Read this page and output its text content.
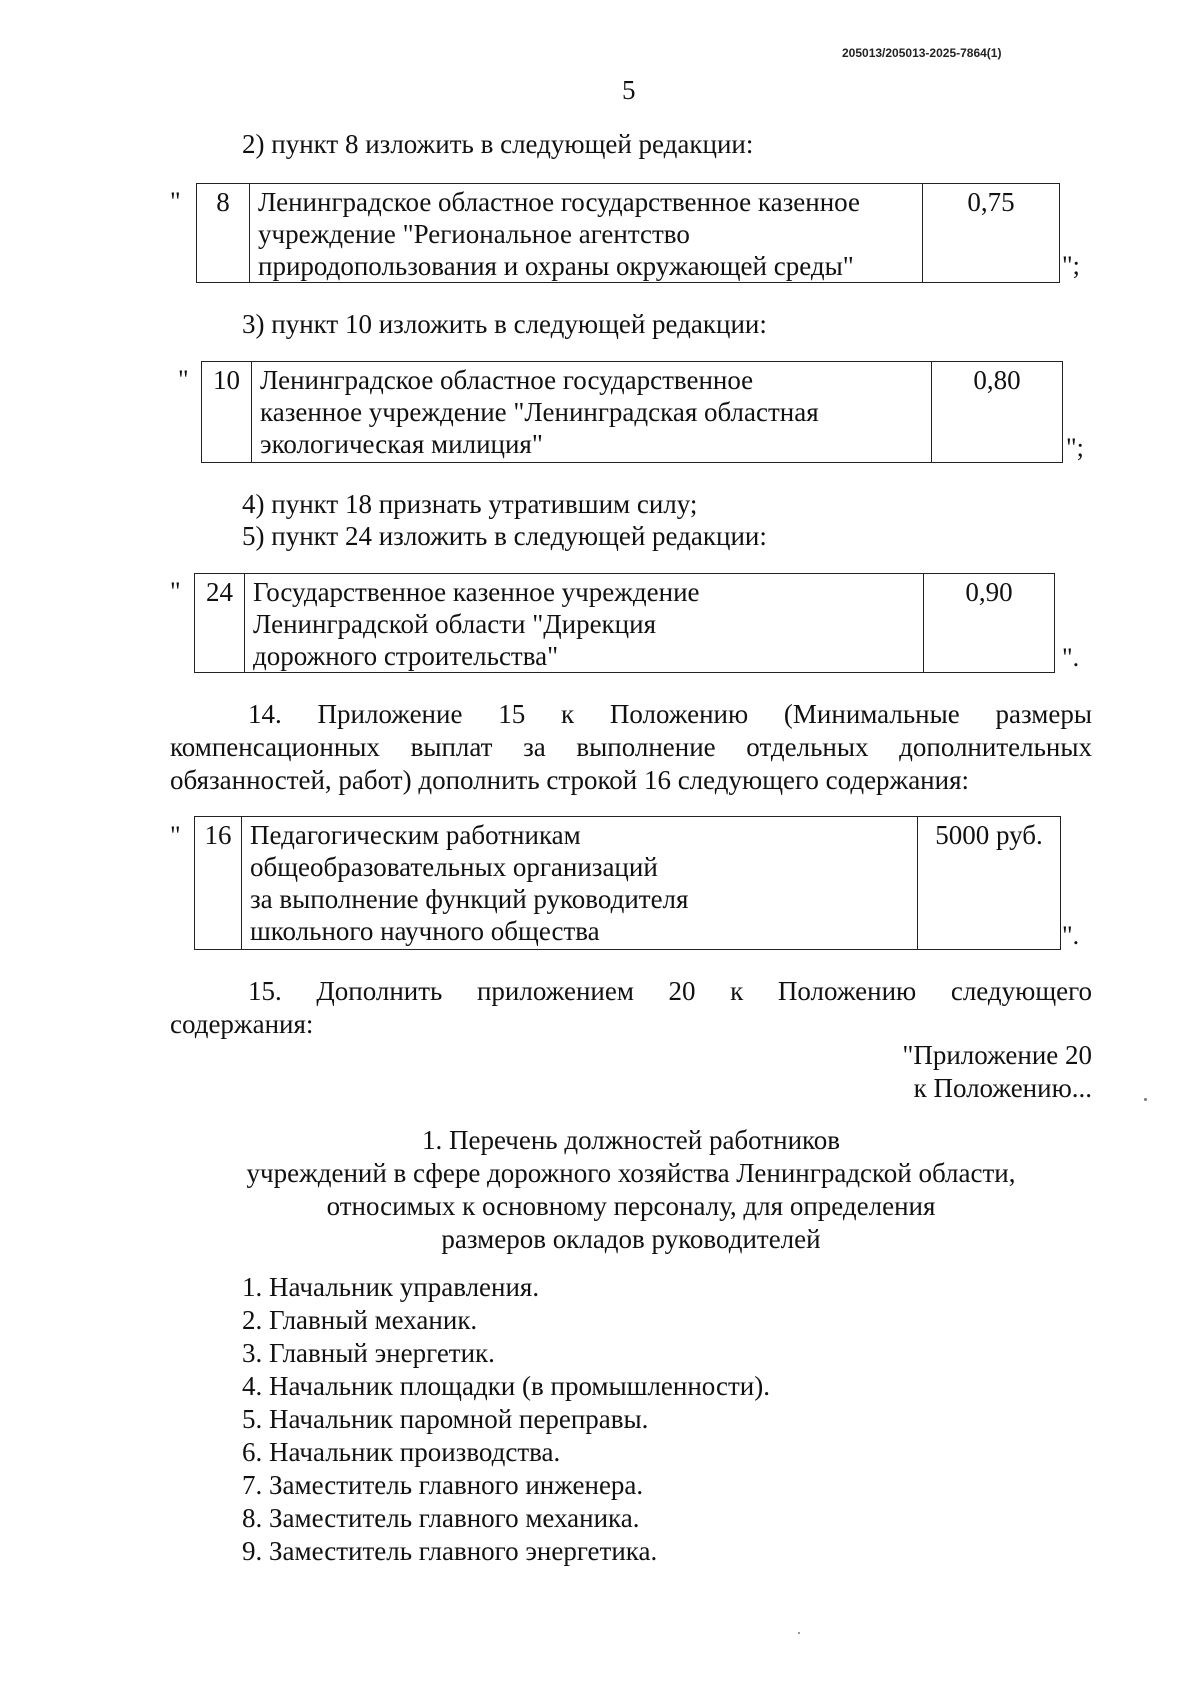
205013/205013-2025-7864(1)
5
2) пункт 8 изложить в следующей редакции:
" 8	Ленинградское областное государственное казенное
учреждение "Региональное агентство
природопользования и охраны окружающей среды"
	0,75
";
3) пункт 10 изложить в следующей редакции:
" 10	Ленинградское областное государственное
казенное учреждение "Ленинградская областная
экологическая милиция"
	0,80
";
4) пункт 18 признать утратившим силу;
5) пункт 24 изложить в следующей редакции:
" 24	Государственное казенное учреждение
Ленинградской области "Дирекция
дорожного строительства"
	0,90
".
14. Приложение 15 к Положению (Минимальные размеры
компенсационных выплат за выполнение отдельных дополнительных
обязанностей, работ) дополнить строкой 16 следующего содержания:
" 16	Педагогическим работникам
общеобразовательных организаций
за выполнение функций руководителя
школьного научного общества
	5000 руб.
".
15. Дополнить приложением 20 к Положению следующего
содержания:
"Приложение 20
к Положению...
1. Перечень должностей работников
учреждений в сфере дорожного хозяйства Ленинградской области,
относимых к основному персоналу, для определения
размеров окладов руководителей
1. Начальник управления.
2. Главный механик.
3. Главный энергетик.
4. Начальник площадки (в промышленности).
5. Начальник паромной переправы.
6. Начальник производства.
7. Заместитель главного инженера.
8. Заместитель главного механика.
9. Заместитель главного энергетика.
